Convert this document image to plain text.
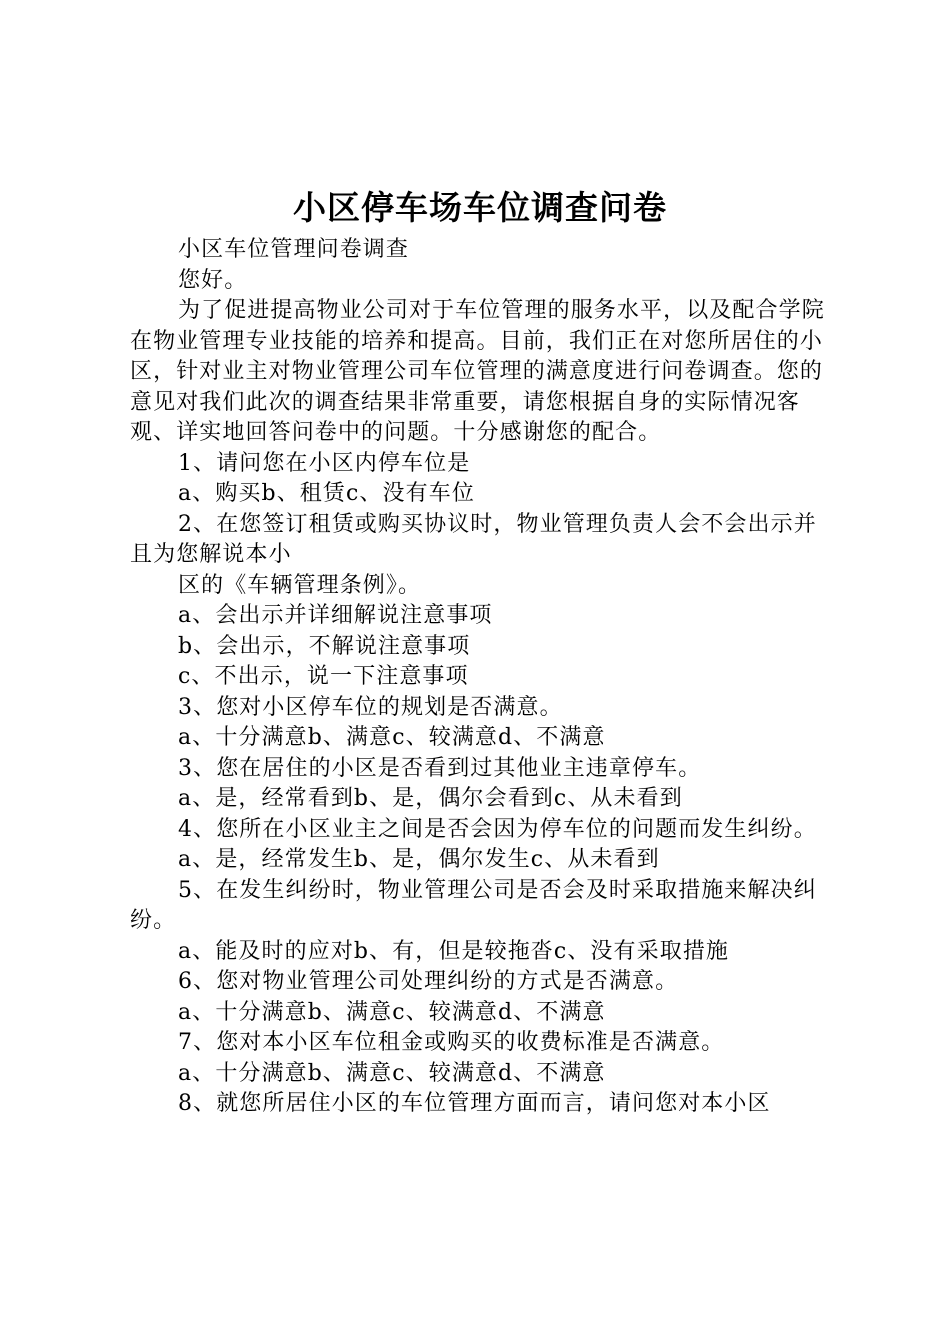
小区停车场车位调查问卷

小区车位管理问卷调查

您好。

为了促进提高物业公司对于车位管理的服务水平，以及配合学院在物业管理专业技能的培养和提高。目前，我们正在对您所居住的小区，针对业主对物业管理公司车位管理的满意度进行问卷调查。您的意见对我们此次的调查结果非常重要，请您根据自身的实际情况客观、详实地回答问卷中的问题。十分感谢您的配合。

1、请问您在小区内停车位是

a、购买b、租赁c、没有车位

2、在您签订租赁或购买协议时，物业管理负责人会不会出示并且为您解说本小

区的《车辆管理条例》。

a、会出示并详细解说注意事项

b、会出示，不解说注意事项

c、不出示，说一下注意事项

3、您对小区停车位的规划是否满意。

a、十分满意b、满意c、较满意d、不满意

3、您在居住的小区是否看到过其他业主违章停车。

a、是，经常看到b、是，偶尔会看到c、从未看到

4、您所在小区业主之间是否会因为停车位的问题而发生纠纷。

a、是，经常发生b、是，偶尔发生c、从未看到

5、在发生纠纷时，物业管理公司是否会及时采取措施来解决纠纷。

a、能及时的应对b、有，但是较拖沓c、没有采取措施

6、您对物业管理公司处理纠纷的方式是否满意。

a、十分满意b、满意c、较满意d、不满意

7、您对本小区车位租金或购买的收费标准是否满意。

a、十分满意b、满意c、较满意d、不满意

8、就您所居住小区的车位管理方面而言，请问您对本小区
